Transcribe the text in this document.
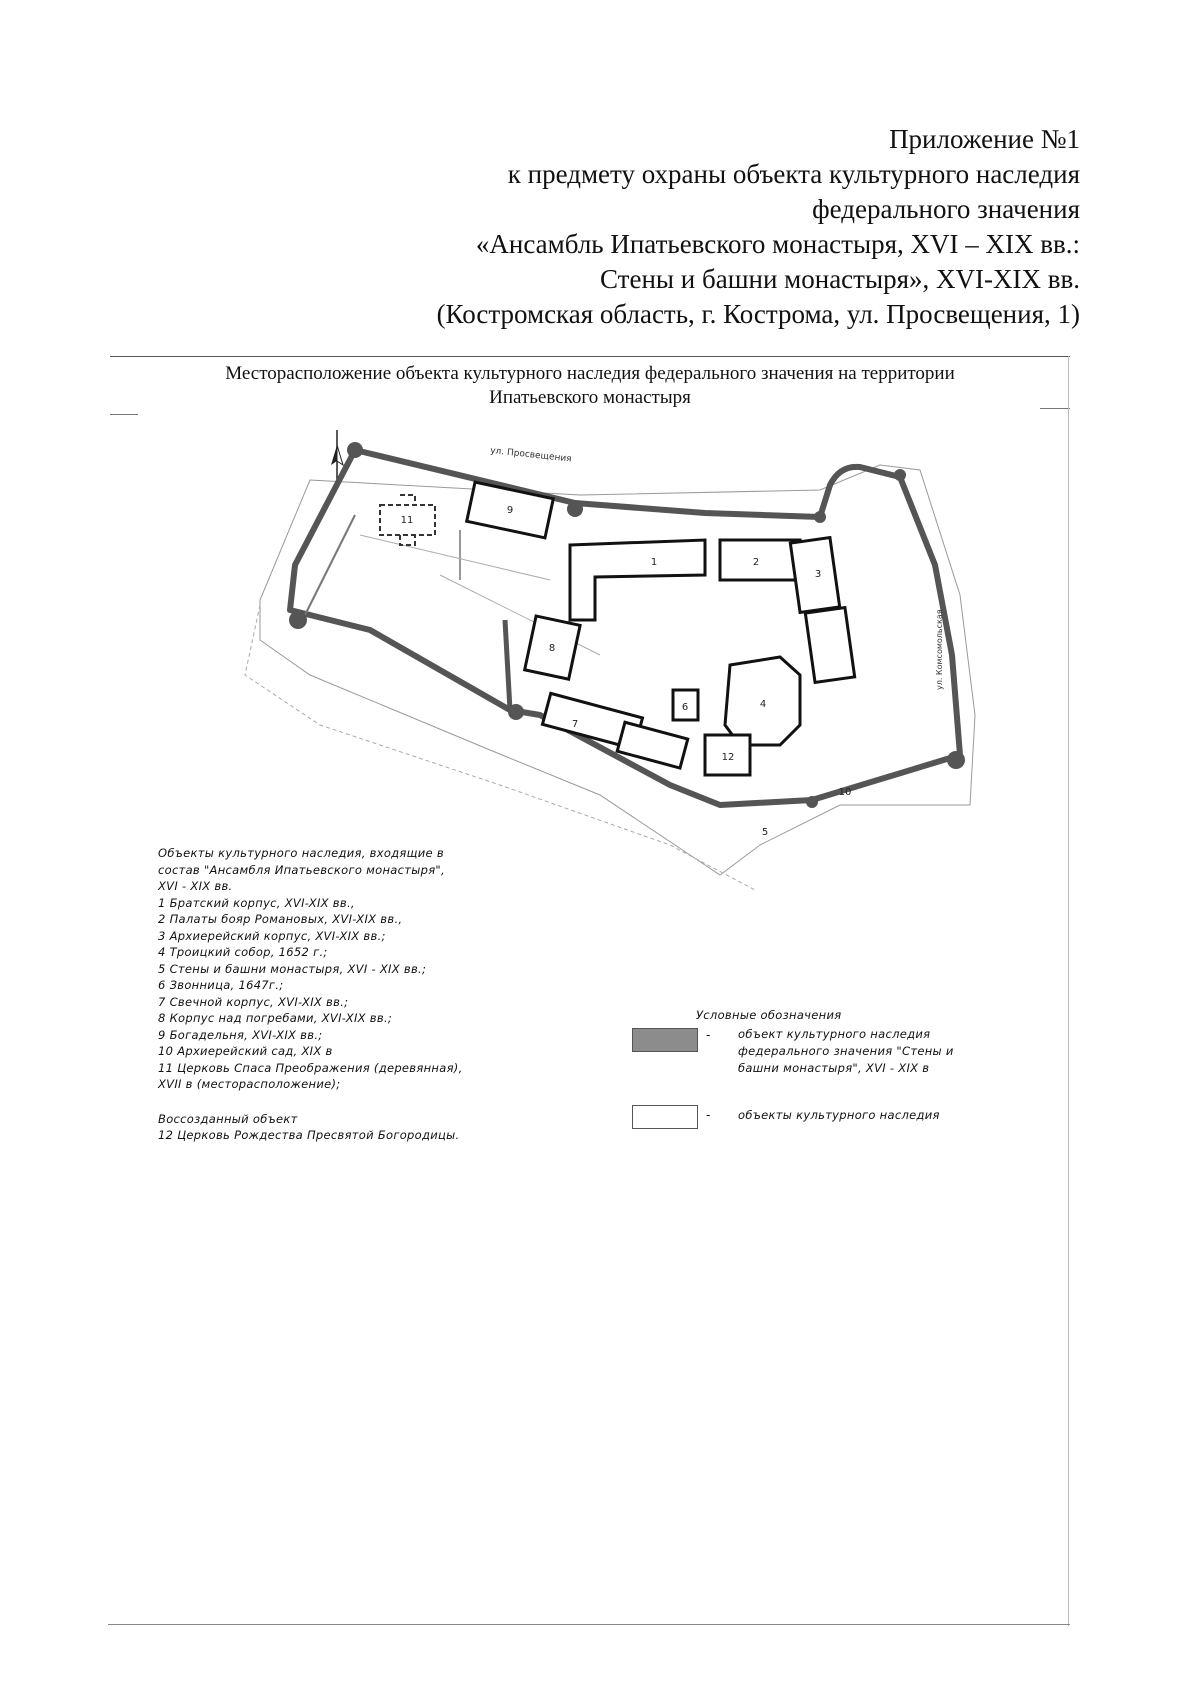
Приложение №1
к предмету охраны объекта культурного наследия
федерального значения
«Ансамбль Ипатьевского монастыря, XVI – XIX вв.:
Стены и башни монастыря», XVI-XIX вв.
(Костромская область, г. Кострома, ул. Просвещения, 1)
Месторасположение объекта культурного наследия федерального значения на территории
Ипатьевского монастыря
1	2
3
4
5
6
7
8
9
10
11
12
ул. Просвещения
ул. Комсомольская
Объекты культурного наследия, входящие в
состав "Ансамбля Ипатьевского монастыря",
XVI - XIX вв.
1 Братский корпус, XVI-XIX вв.,
2 Палаты бояр Романовых, XVI-XIX вв.,
3 Архиерейский корпус, XVI-XIX вв.;
4 Троицкий собор, 1652 г.;
5 Стены и башни монастыря, XVI - XIX вв.;
6 Звонница, 1647г.;
7 Свечной корпус, XVI-XIX вв.;
8 Корпус над погребами, XVI-XIX вв.;
9 Богадельня, XVI-XIX вв.;
10 Архиерейский сад, XIX в
11 Церковь Спаса Преображения (деревянная),
XVII в (месторасположение);
Воссозданный объект
12 Церковь Рождества Пресвятой Богородицы.
Условные обозначения
- объект культурного наследия
федерального значения "Стены и
башни монастыря", XVI - XIX в
- объекты культурного наследия
